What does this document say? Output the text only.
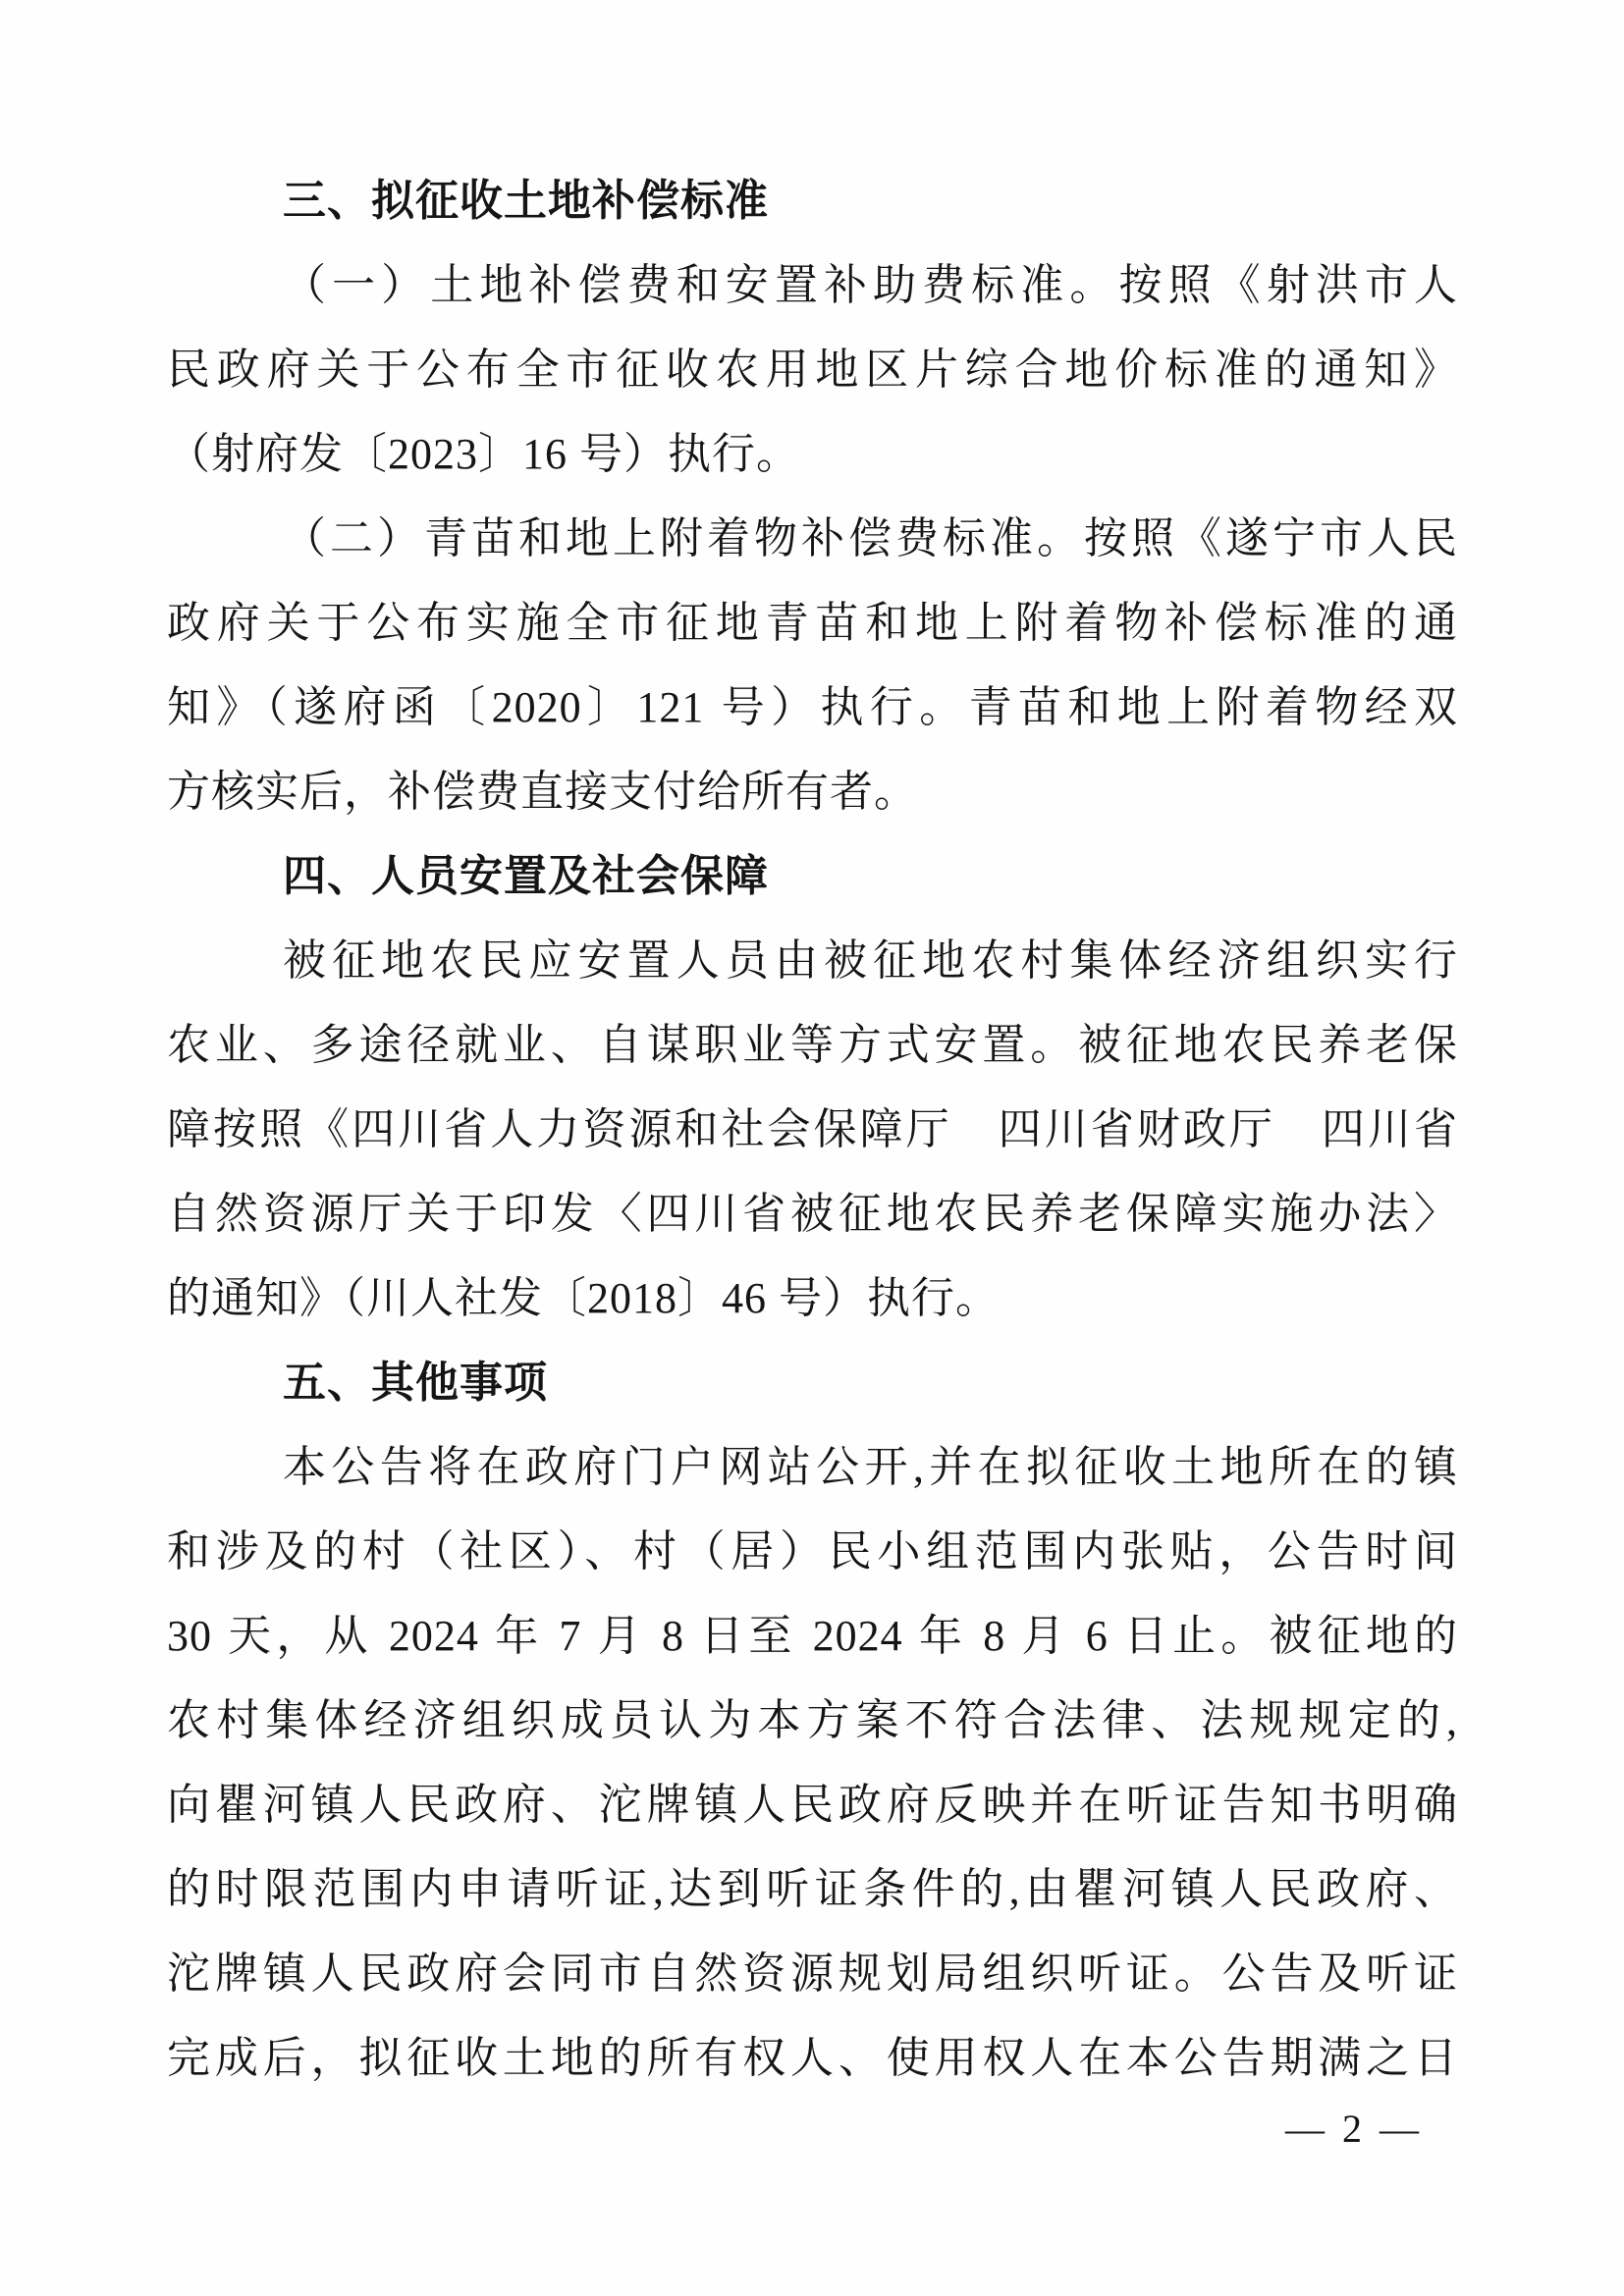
三、拟征收土地补偿标准
（一）土地补偿费和安置补助费标准。按照《射洪市人
民政府关于公布全市征收农用地区片综合地价标准的通知》
（射府发〔2023〕16 号）执行。
（二）青苗和地上附着物补偿费标准。按照《遂宁市人民
政府关于公布实施全市征地青苗和地上附着物补偿标准的通
知》（遂府函〔2020〕121 号）执行。青苗和地上附着物经双
方核实后，补偿费直接支付给所有者。
四、人员安置及社会保障
被征地农民应安置人员由被征地农村集体经济组织实行
农业、多途径就业、自谋职业等方式安置。被征地农民养老保
障按照《四川省人力资源和社会保障厅　四川省财政厅　四川省
自然资源厅关于印发〈四川省被征地农民养老保障实施办法〉
的通知》（川人社发〔2018〕46 号）执行。
五、其他事项
本公告将在政府门户网站公开,并在拟征收土地所在的镇
和涉及的村（社区）、村（居）民小组范围内张贴，公告时间
30 天，从 2024 年 7 月 8 日至 2024 年 8 月 6 日止。被征地的
农村集体经济组织成员认为本方案不符合法律、法规规定的,
向瞿河镇人民政府、沱牌镇人民政府反映并在听证告知书明确
的时限范围内申请听证,达到听证条件的,由瞿河镇人民政府、
沱牌镇人民政府会同市自然资源规划局组织听证。公告及听证
完成后，拟征收土地的所有权人、使用权人在本公告期满之日
— 2 —
